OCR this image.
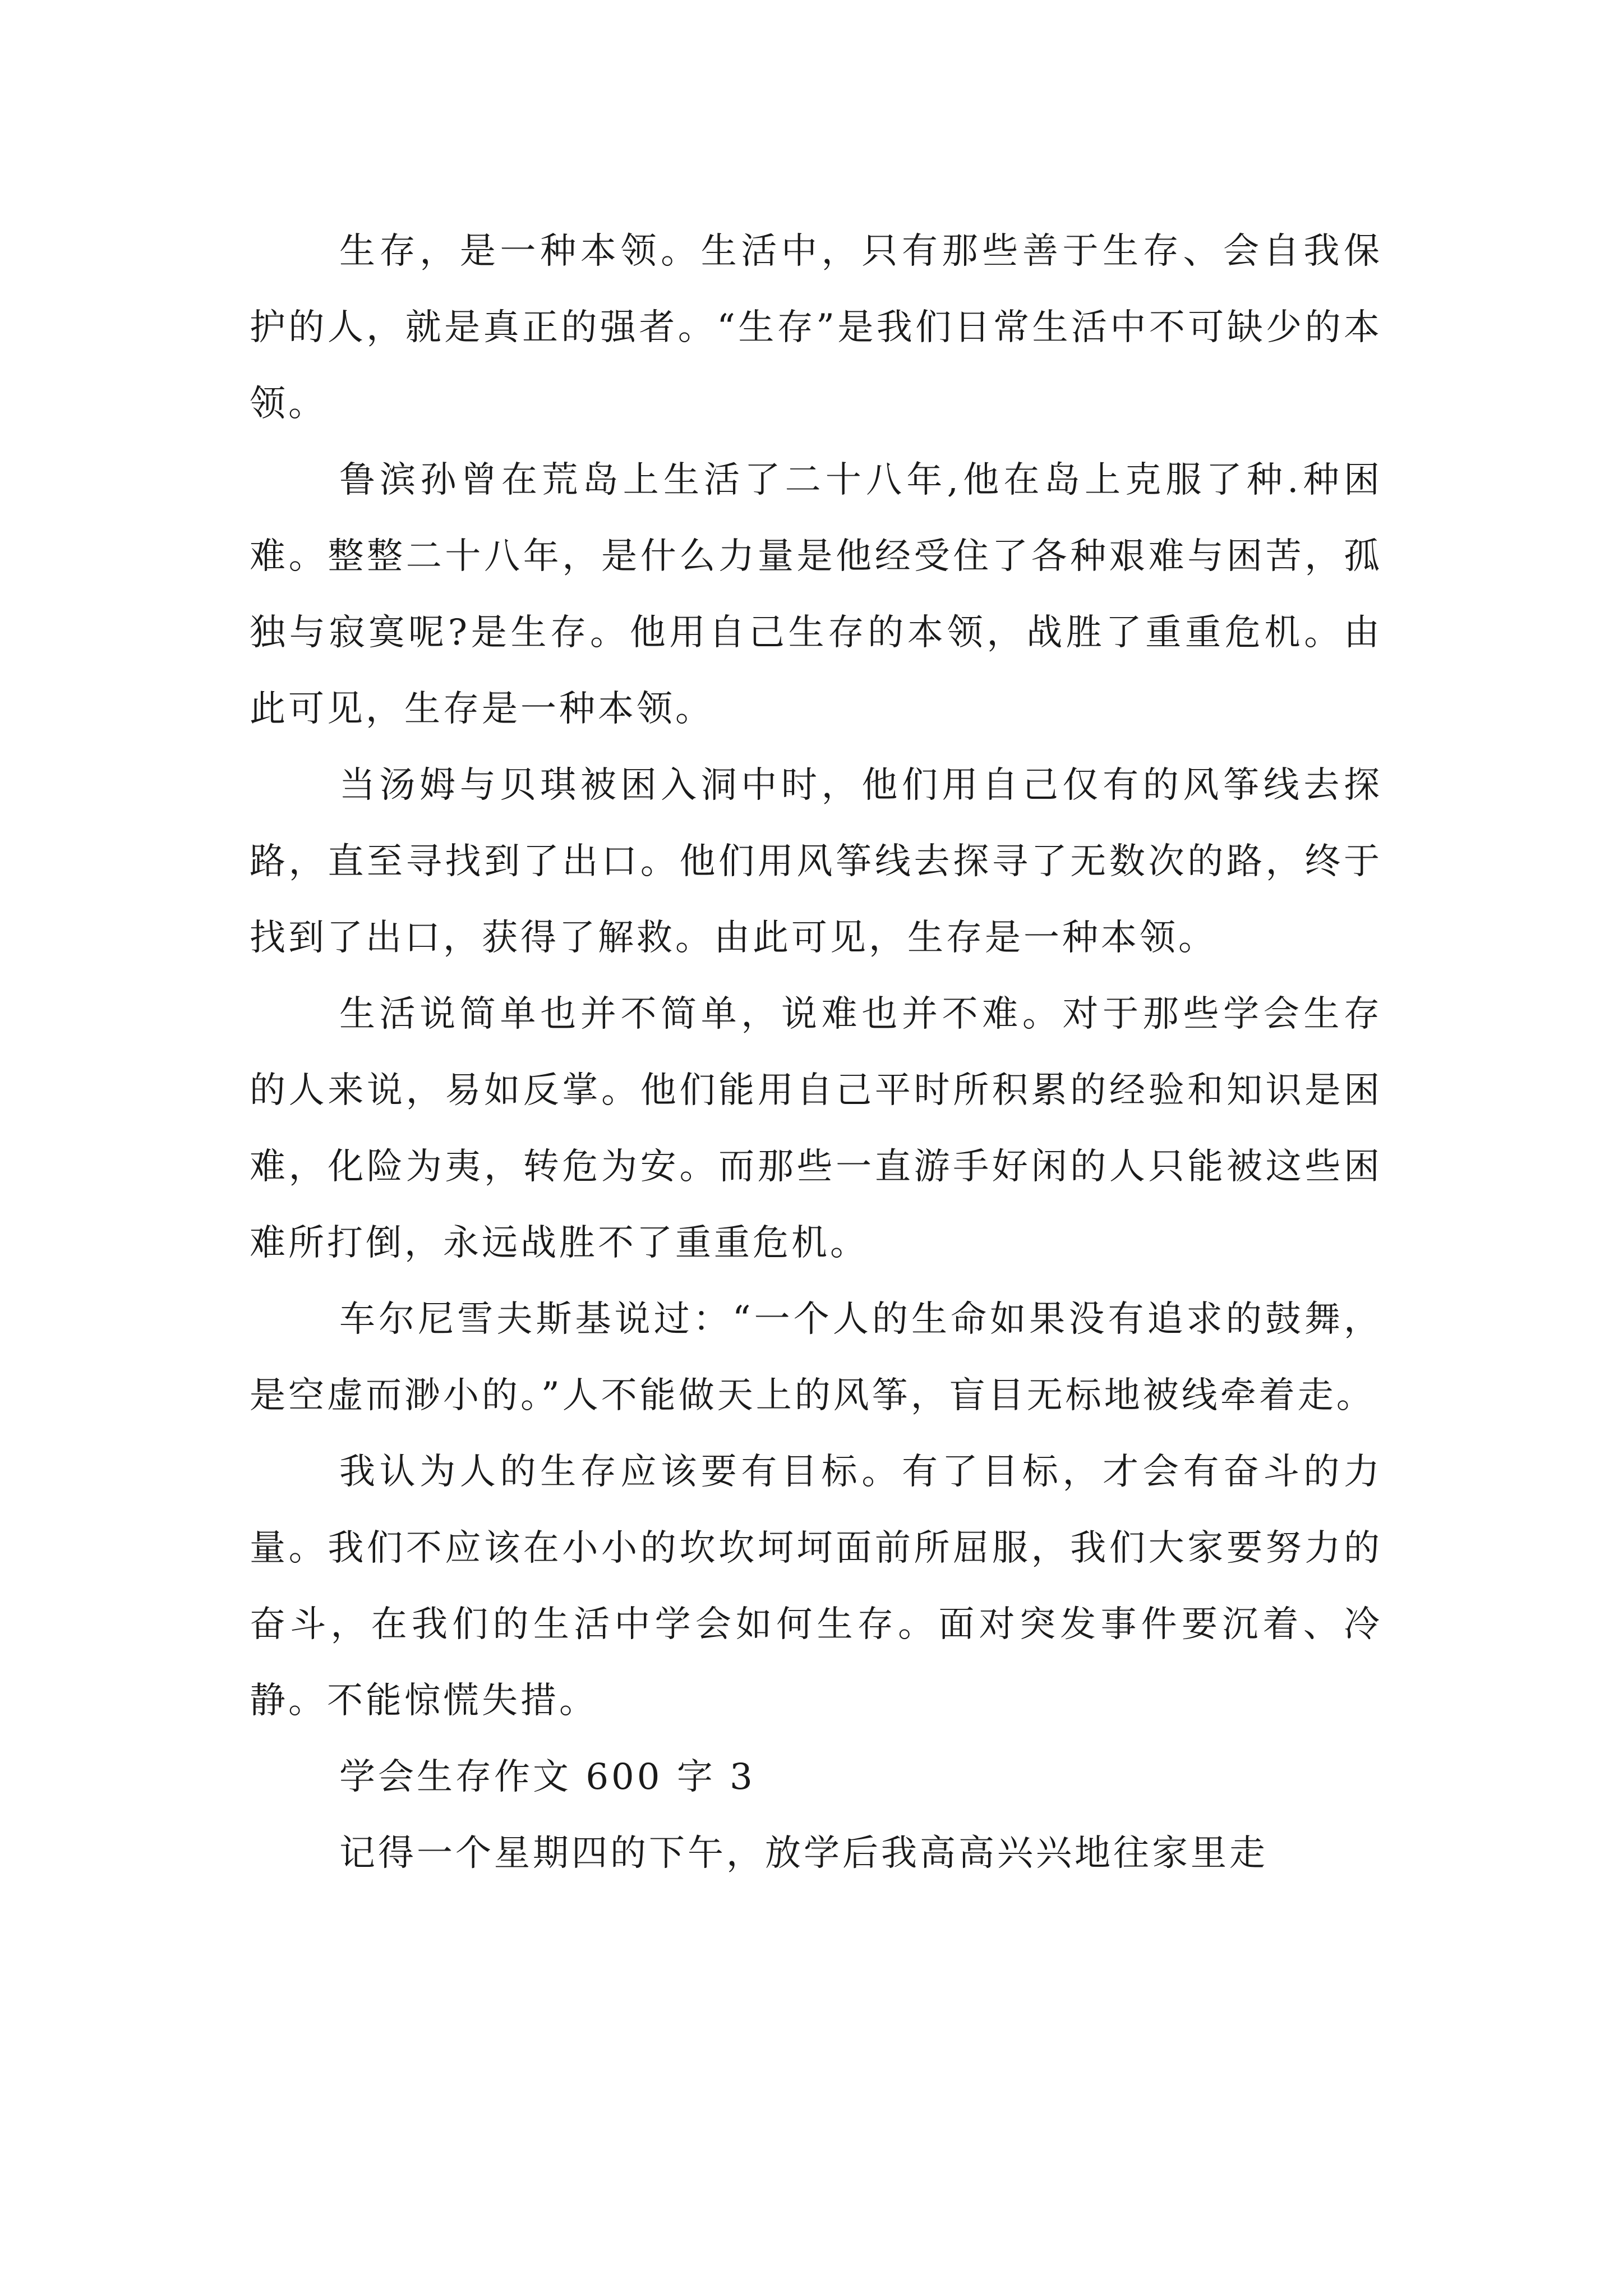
生存，是一种本领。生活中，只有那些善于生存、会自我保护的人，就是真正的强者。“生存”是我们日常生活中不可缺少的本领。

鲁滨孙曾在荒岛上生活了二十八年,他在岛上克服了种.种困难。整整二十八年，是什么力量是他经受住了各种艰难与困苦，孤独与寂寞呢?是生存。他用自己生存的本领，战胜了重重危机。由此可见，生存是一种本领。

当汤姆与贝琪被困入洞中时，他们用自己仅有的风筝线去探路，直至寻找到了出口。他们用风筝线去探寻了无数次的路，终于找到了出口，获得了解救。由此可见，生存是一种本领。

生活说简单也并不简单，说难也并不难。对于那些学会生存的人来说，易如反掌。他们能用自己平时所积累的经验和知识是困难，化险为夷，转危为安。而那些一直游手好闲的人只能被这些困难所打倒，永远战胜不了重重危机。

车尔尼雪夫斯基说过：“一个人的生命如果没有追求的鼓舞，是空虚而渺小的。”人不能做天上的风筝，盲目无标地被线牵着走。

我认为人的生存应该要有目标。有了目标，才会有奋斗的力量。我们不应该在小小的坎坎坷坷面前所屈服，我们大家要努力的奋斗，在我们的生活中学会如何生存。面对突发事件要沉着、冷静。不能惊慌失措。

学会生存作文 600 字 3

记得一个星期四的下午，放学后我高高兴兴地往家里走
